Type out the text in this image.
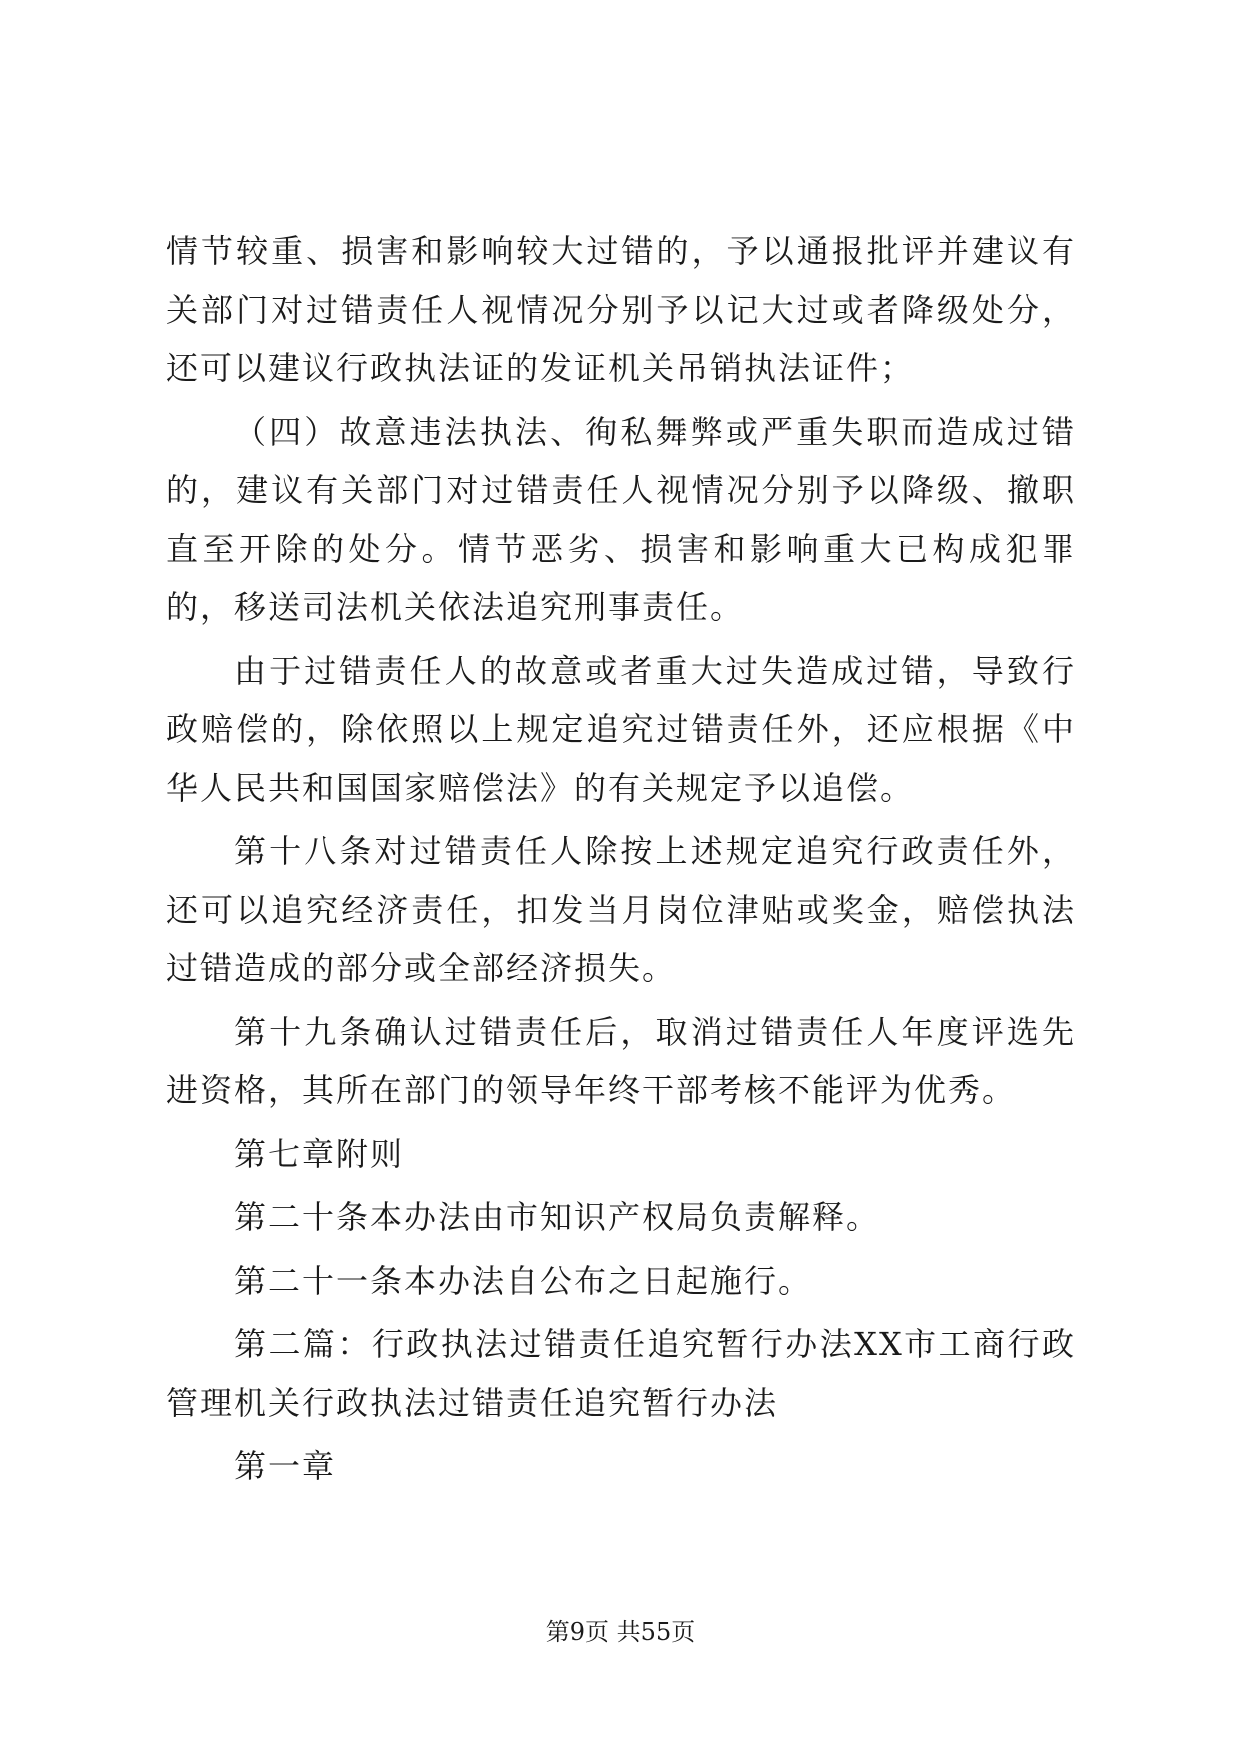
情节较重、损害和影响较大过错的，予以通报批评并建议有关部门对过错责任人视情况分别予以记大过或者降级处分，还可以建议行政执法证的发证机关吊销执法证件；

（四）故意违法执法、徇私舞弊或严重失职而造成过错的，建议有关部门对过错责任人视情况分别予以降级、撤职直至开除的处分。情节恶劣、损害和影响重大已构成犯罪的，移送司法机关依法追究刑事责任。

由于过错责任人的故意或者重大过失造成过错，导致行政赔偿的，除依照以上规定追究过错责任外，还应根据《中华人民共和国国家赔偿法》的有关规定予以追偿。

第十八条对过错责任人除按上述规定追究行政责任外，还可以追究经济责任，扣发当月岗位津贴或奖金，赔偿执法过错造成的部分或全部经济损失。

第十九条确认过错责任后，取消过错责任人年度评选先进资格，其所在部门的领导年终干部考核不能评为优秀。

第七章附则

第二十条本办法由市知识产权局负责解释。

第二十一条本办法自公布之日起施行。

第二篇：行政执法过错责任追究暂行办法XX市工商行政管理机关行政执法过错责任追究暂行办法

第一章

第9页 共55页
